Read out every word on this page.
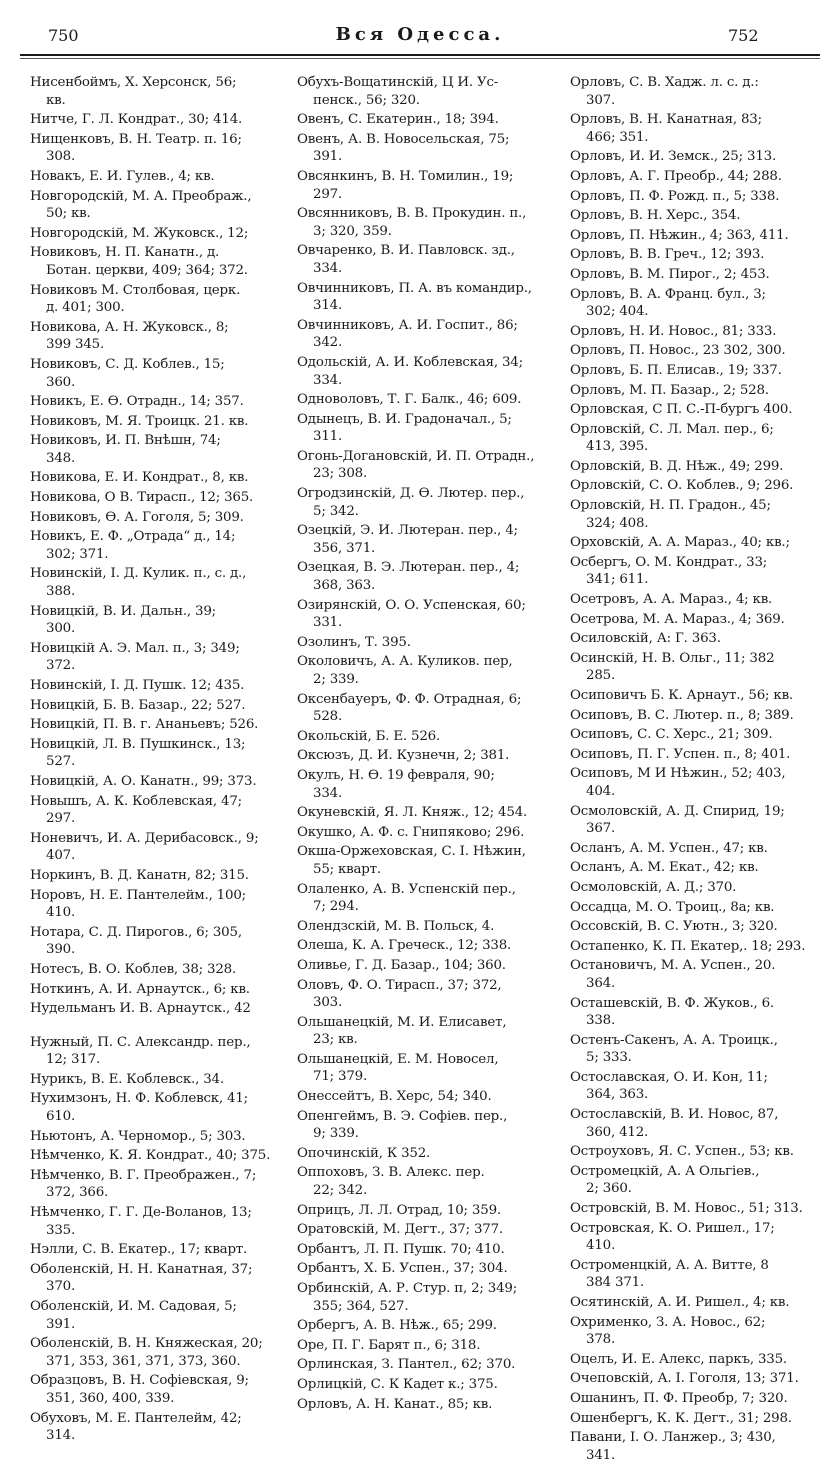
750	Вся Одесса.	752
Нисенбоймъ, Х. Херсонск, 56;
кв.
Нитче, Г. Л. Кондрат., 30; 414.
Нищенковъ, В. Н. Театр. п. 16;
308.
Новакъ, Е. И. Гулев., 4; кв.
Новгородскій, М. А. Преображ.,
50; кв.
Новгородскій, М. Жуковск., 12;
Новиковъ, Н. П. Канатн., д.
Ботан. церкви, 409; 364; 372.
Новиковъ М. Столбовая, церк.
д. 401; 300.
Новикова, А. Н. Жуковск., 8;
399 345.
Новиковъ, С. Д. Коблев., 15;
360.
Новикъ, Е. Ѳ. Отрадн., 14; 357.
Новиковъ, М. Я. Троицк. 21. кв.
Новиковъ, И. П. Внѣшн, 74;
348.
Новикова, Е. И. Кондрат., 8, кв.
Новикова, О В. Тирасп., 12; 365.
Новиковъ, Ѳ. А. Гоголя, 5; 309.
Новикъ, Е. Ф. „Отрада“ д., 14;
302; 371.
Новинскій, І. Д. Кулик. п., с. д.,
388.
Новицкій, В. И. Дальн., 39;
300.
Новицкій А. Э. Мал. п., 3; 349;
372.
Новинскій, І. Д. Пушк. 12; 435.
Новицкій, Б. В. Базар., 22; 527.
Новицкій, П. В. г. Ананьевъ; 526.
Новицкій, Л. В. Пушкинск., 13;
527.
Новицкій, А. О. Канатн., 99; 373.
Новышъ, А. К. Коблевская, 47;
297.
Ноневичъ, И. А. Дерибасовск., 9;
407.
Норкинъ, В. Д. Канатн, 82; 315.
Норовъ, Н. Е. Пантелейм., 100;
410.
Нотара, С. Д. Пирогов., 6; 305,
390.
Нотесъ, В. О. Коблев, 38; 328.
Ноткинъ, А. И. Арнаутск., 6; кв.
Нудельманъ И. В. Арнаутск., 42
Нужный, П. С. Александр. пер.,
12; 317.
Нурикъ, В. Е. Коблевск., 34.
Нухимзонъ, Н. Ф. Коблевск, 41;
610.
Ньютонъ, А. Черномор., 5; 303.
Нѣмченко, К. Я. Кондрат., 40; 375.
Нѣмченко, В. Г. Преображен., 7;
372, 366.
Нѣмченко, Г. Г. Де-Воланов, 13;
335.
Нэлли, С. В. Екатер., 17; кварт.
Оболенскій, Н. Н. Канатная, 37;
370.
Оболенскій, И. М. Садовая, 5;
391.
Оболенскій, В. Н. Княжеская, 20;
371, 353, 361, 371, 373, 360.
Образцовъ, В. Н. Софіевская, 9;
351, 360, 400, 339.
Обуховъ, М. Е. Пантелейм, 42;
314.
Обухъ-Вощатинскій, Ц И. Ус-
пенск., 56; 320.
Овенъ, С. Екатерин., 18; 394.
Овенъ, А. В. Новосельская, 75;
391.
Овсянкинъ, В. Н. Томилин., 19;
297.
Овсянниковъ, В. В. Прокудин. п.,
3; 320, 359.
Овчаренко, В. И. Павловск. зд.,
334.
Овчинниковъ, П. А. въ командир.,
314.
Овчинниковъ, А. И. Госпит., 86;
342.
Одольскій, А. И. Коблевская, 34;
334.
Одноволовъ, Т. Г. Балк., 46; 609.
Одынецъ, В. И. Градоначал., 5;
311.
Огонь-Догановскій, И. П. Отрадн.,
23; 308.
Огродзинскій, Д. Ѳ. Лютер. пер.,
5; 342.
Озецкій, Э. И. Лютеран. пер., 4;
356, 371.
Озецкая, В. Э. Лютеран. пер., 4;
368, 363.
Озирянскій, О. О. Успенская, 60;
331.
Озолинъ, Т. 395.
Околовичъ, А. А. Куликов. пер,
2; 339.
Оксенбауеръ, Ф. Ф. Отрадная, 6;
528.
Окольскій, Б. Е. 526.
Оксюзъ, Д. И. Кузнечн, 2; 381.
Окулъ, Н. Ѳ. 19 февраля, 90;
334.
Окуневскій, Я. Л. Княж., 12; 454.
Окушко, А. Ф. с. Гнипяково; 296.
Окша-Оржеховская, С. І. Нѣжин,
55; кварт.
Олаленко, А. В. Успенскій пер.,
7; 294.
Олендзскій, М. В. Польск, 4.
Олеша, К. А. Греческ., 12; 338.
Оливье, Г. Д. Базар., 104; 360.
Оловъ, Ф. О. Тирасп., 37; 372,
303.
Ольшанецкій, М. И. Елисавет,
23; кв.
Ольшанецкій, Е. М. Новосел,
71; 379.
Онессейтъ, В. Херс, 54; 340.
Опенгеймъ, В. Э. Софіев. пер.,
9; 339.
Опочинскій, К 352.
Оппоховъ, З. В. Алекс. пер.
22; 342.
Оприцъ, Л. Л. Отрад, 10; 359.
Оратовскій, М. Дегт., 37; 377.
Орбантъ, Л. П. Пушк. 70; 410.
Орбантъ, Х. Б. Успен., 37; 304.
Орбинскій, А. Р. Стур. п, 2; 349;
355; 364, 527.
Орбергъ, А. В. Нѣж., 65; 299.
Оре, П. Г. Барят п., 6; 318.
Орлинская, З. Пантел., 62; 370.
Орлицкій, С. К Кадет к.; 375.
Орловъ, А. Н. Канат., 85; кв.
Орловъ, С. В. Хадж. л. с. д.:
307.
Орловъ, В. Н. Канатная, 83;
466; 351.
Орловъ, И. И. Земск., 25; 313.
Орловъ, А. Г. Преобр., 44; 288.
Орловъ, П. Ф. Рожд. п., 5; 338.
Орловъ, В. Н. Херс., 354.
Орловъ, П. Нѣжин., 4; 363, 411.
Орловъ, В. В. Греч., 12; 393.
Орловъ, В. М. Пирог., 2; 453.
Орловъ, В. А. Франц. бул., 3;
302; 404.
Орловъ, Н. И. Новос., 81; 333.
Орловъ, П. Новос., 23 302, 300.
Орловъ, Б. П. Елисав., 19; 337.
Орловъ, М. П. Базар., 2; 528.
Орловская, С П. С.-П-бургъ 400.
Орловскій, С. Л. Мал. пер., 6;
413, 395.
Орловскій, В. Д. Нѣж., 49; 299.
Орловскій, С. О. Коблев., 9; 296.
Орловскій, Н. П. Градон., 45;
324; 408.
Орховскій, А. А. Мараз., 40; кв.;
Осбергъ, О. М. Кондрат., 33;
341; 611.
Осетровъ, А. А. Мараз., 4; кв.
Осетрова, М. А. Мараз., 4; 369.
Осиловскій, А: Г. 363.
Осинскій, Н. В. Ольг., 11; 382
285.
Осиповичъ Б. К. Арнаут., 56; кв.
Осиповъ, В. С. Лютер. п., 8; 389.
Осиповъ, С. С. Херс., 21; 309.
Осиповъ, П. Г. Успен. п., 8; 401.
Осиповъ, М И Нѣжин., 52; 403,
404.
Осмоловскій, А. Д. Спирид, 19;
367.
Осланъ, А. М. Успен., 47; кв.
Осланъ, А. М. Екат., 42; кв.
Осмоловскій, А. Д.; 370.
Оссадца, М. О. Троиц., 8а; кв.
Оссовскій, В. С. Уютн., 3; 320.
Остапенко, К. П. Екатер,. 18; 293.
Остановичъ, М. А. Успен., 20.
364.
Осташевскій, В. Ф. Жуков., 6.
338.
Остенъ-Сакенъ, А. А. Троицк.,
5; 333.
Остославская, О. И. Кон, 11;
364, 363.
Остославскій, В. И. Новос, 87,
360, 412.
Остроуховъ, Я. С. Успен., 53; кв.
Остромецкій, А. А Ольгіев.,
2; 360.
Островскій, В. М. Новос., 51; 313.
Островская, К. О. Ришел., 17;
410.
Остроменцкій, А. А. Витте, 8
384 371.
Осятинскій, А. И. Ришел., 4; кв.
Охрименко, З. А. Новос., 62;
378.
Оцелъ, И. Е. Алекс, паркъ, 335.
Очеповскій, А. І. Гоголя, 13; 371.
Ошанинъ, П. Ф. Преобр, 7; 320.
Ошенбергъ, К. К. Дегт., 31; 298.
Павани, І. О. Ланжер., 3; 430,
341.
